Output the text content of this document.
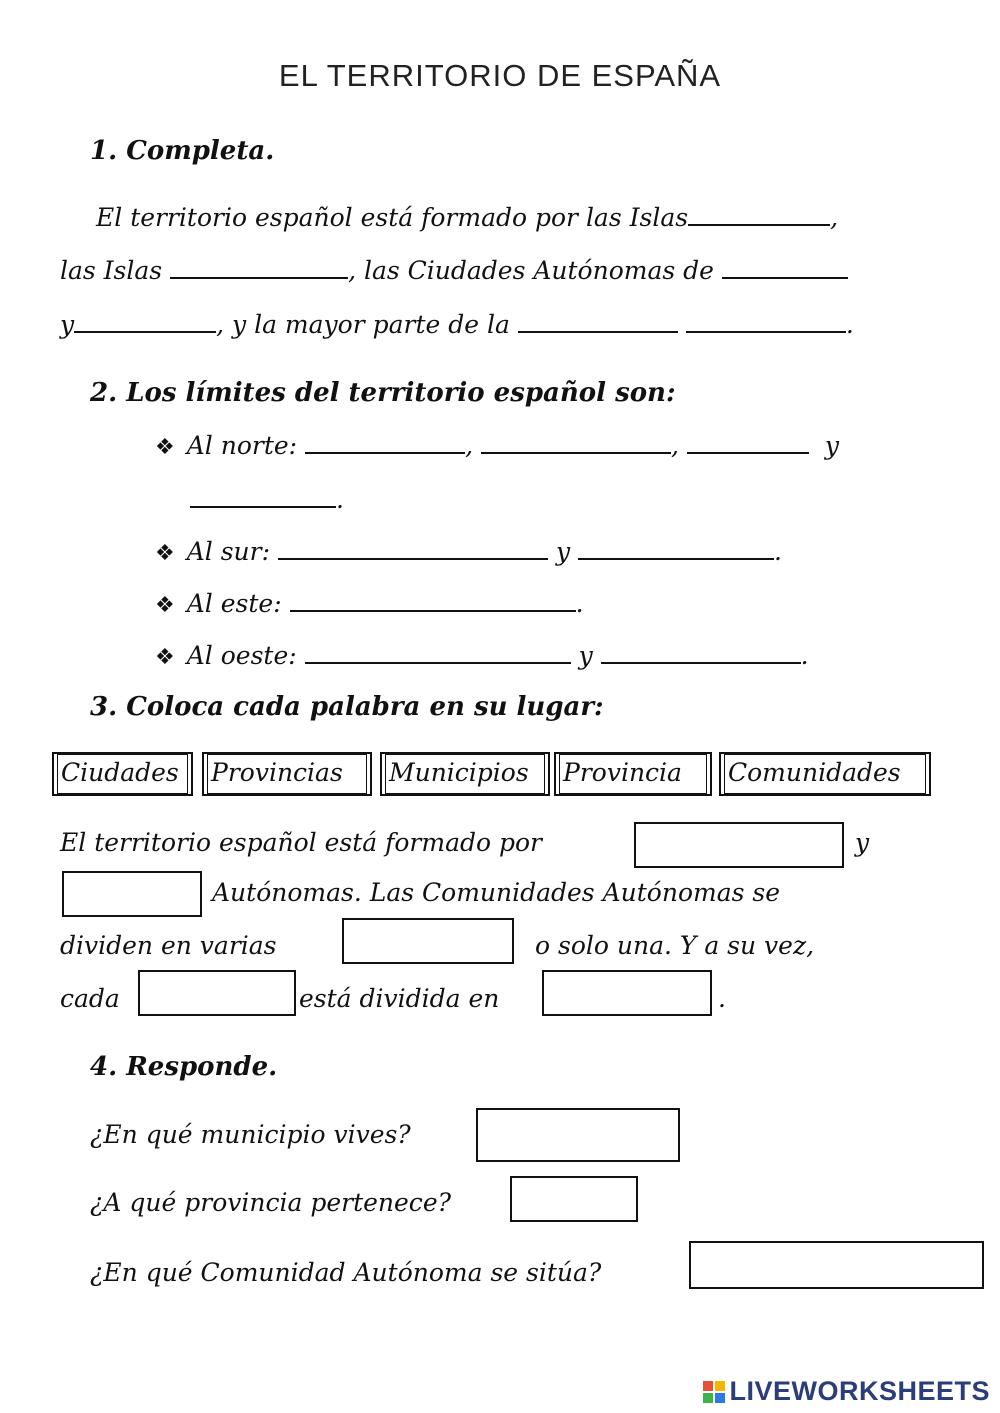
EL TERRITORIO DE ESPAÑA
1. Completa.
El territorio español está formado por las Islas	,
las Islas	, las Ciudades Autónomas de
y	, y la mayor parte de la	.
2. Los límites del territorio español son:
❖ Al norte:	,	,	y
.
❖ Al sur:	y	.
❖ Al este:	.
❖ Al oeste:	y	.
3. Coloca cada palabra en su lugar:
Ciudades	Provincias	Municipios	Provincia	Comunidades
El territorio español está formado por	y
Autónomas. Las Comunidades Autónomas se
dividen en varias	o solo una. Y a su vez,
cada	está dividida en	.
4. Responde.
¿En qué municipio vives?
¿A qué provincia pertenece?
¿En qué Comunidad Autónoma se sitúa?
LIVEWORKSHEETS
